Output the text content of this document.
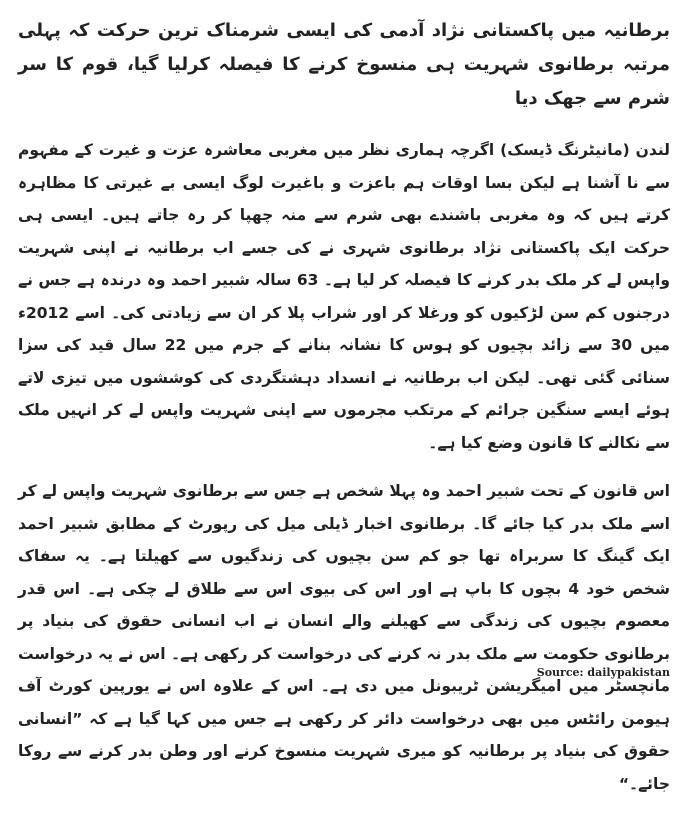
برطانیہ میں پاکستانی نژاد آدمی کی ایسی شرمناک ترین حرکت کہ پہلی مرتبہ برطانوی شہریت ہی منسوخ کرنے کا فیصلہ کرلیا گیا، قوم کا سر شرم سے جھک دیا

لندن (مانیٹرنگ ڈیسک) اگرچہ ہماری نظر میں مغربی معاشرہ عزت و غیرت کے مفہوم سے نا آشنا ہے لیکن بسا اوقات ہم باعزت و باغیرت لوگ ایسی بے غیرتی کا مظاہرہ کرتے ہیں کہ وہ مغربی باشندے بھی شرم سے منہ چھپا کر رہ جاتے ہیں۔ ایسی ہی حرکت ایک پاکستانی نژاد برطانوی شہری نے کی جسے اب برطانیہ نے اپنی شہریت واپس لے کر ملک بدر کرنے کا فیصلہ کر لیا ہے۔ 63 سالہ شبیر احمد وہ درندہ ہے جس نے درجنوں کم سن لڑکیوں کو ورغلا کر اور شراب پلا کر ان سے زیادتی کی۔ اسے 2012ء میں 30 سے زائد بچیوں کو ہوس کا نشانہ بنانے کے جرم میں 22 سال قید کی سزا سنائی گئی تھی۔ لیکن اب برطانیہ نے انسداد دہشتگردی کی کوششوں میں تیزی لاتے ہوئے ایسے سنگین جرائم کے مرتکب مجرموں سے اپنی شہریت واپس لے کر انہیں ملک سے نکالنے کا قانون وضع کیا ہے۔

اس قانون کے تحت شبیر احمد وہ پہلا شخص ہے جس سے برطانوی شہریت واپس لے کر اسے ملک بدر کیا جائے گا۔ برطانوی اخبار ڈیلی میل کی رپورٹ کے مطابق شبیر احمد ایک گینگ کا سربراہ تھا جو کم سن بچیوں کی زندگیوں سے کھیلتا ہے۔ یہ سفاک شخص خود 4 بچوں کا باپ ہے اور اس کی بیوی اس سے طلاق لے چکی ہے۔ اس قدر معصوم بچیوں کی زندگی سے کھیلنے والے انسان نے اب انسانی حقوق کی بنیاد پر برطانوی حکومت سے ملک بدر نہ کرنے کی درخواست کر رکھی ہے۔ اس نے یہ درخواست مانچسٹر میں امیگریشن ٹریبونل میں دی ہے۔ اس کے علاوہ اس نے یورپین کورٹ آف ہیومن رائٹس میں بھی درخواست دائر کر رکھی ہے جس میں کہا گیا ہے کہ ”انسانی حقوق کی بنیاد پر برطانیہ کو میری شہریت منسوخ کرنے اور وطن بدر کرنے سے روکا جائے۔“

Source: dailypakistan
